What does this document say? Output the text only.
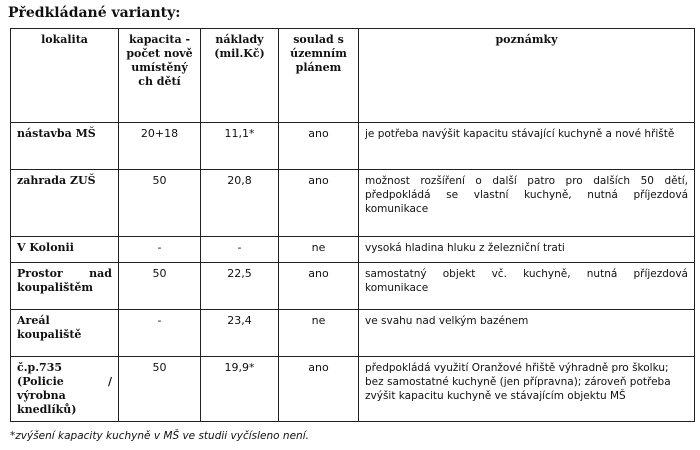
Předkládané varianty:
lokalita	kapacita - počet nově umístěný ch dětí	náklady (mil.Kč)	soulad s územním plánem	poznámky
nástavba MŠ	20+18	11,1*	ano	je potřeba navýšit kapacitu stávající kuchyně a nové hřiště
zahrada ZUŠ	50	20,8	ano	možnost rozšíření o další patro pro dalších 50 dětí, předpokládá se vlastní kuchyně, nutná příjezdová komunikace
V Kolonii	-	-	ne	vysoká hladina hluku z železniční trati
Prostor nad koupalištěm	50	22,5	ano	samostatný objekt vč. kuchyně, nutná příjezdová komunikace
Areál koupaliště	-	23,4	ne	ve svahu nad velkým bazénem
č.p.735 (Policie / výrobna knedlíků)	50	19,9*	ano	předpokládá využití Oranžové hřiště výhradně pro školku; bez samostatné kuchyně (jen přípravna); zároveň potřeba zvýšit kapacitu kuchyně ve stávajícím objektu MŠ
*zvýšení kapacity kuchyně v MŠ ve studii vyčísleno není.
